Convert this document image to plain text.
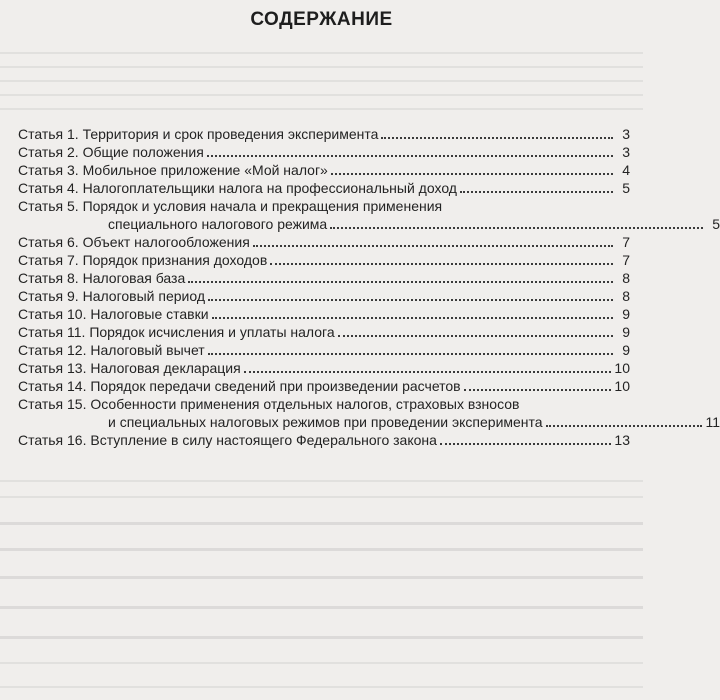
СОДЕРЖАНИЕ
Статья 1. Территория и срок проведения эксперимента	3
Статья 2. Общие положения	3
Статья 3. Мобильное приложение «Мой налог»	4
Статья 4. Налогоплательщики налога на профессиональный доход	5
Статья 5. Порядок и условия начала и прекращения применения
специального налогового режима	5
Статья 6. Объект налогообложения	7
Статья 7. Порядок признания доходов	7
Статья 8. Налоговая база	8
Статья 9. Налоговый период	8
Статья 10. Налоговые ставки	9
Статья 11. Порядок исчисления и уплаты налога	9
Статья 12. Налоговый вычет	9
Статья 13. Налоговая декларация	10
Статья 14. Порядок передачи сведений при произведении расчетов	10
Статья 15. Особенности применения отдельных налогов, страховых взносов
и специальных налоговых режимов при проведении эксперимента	11
Статья 16. Вступление в силу настоящего Федерального закона	13
